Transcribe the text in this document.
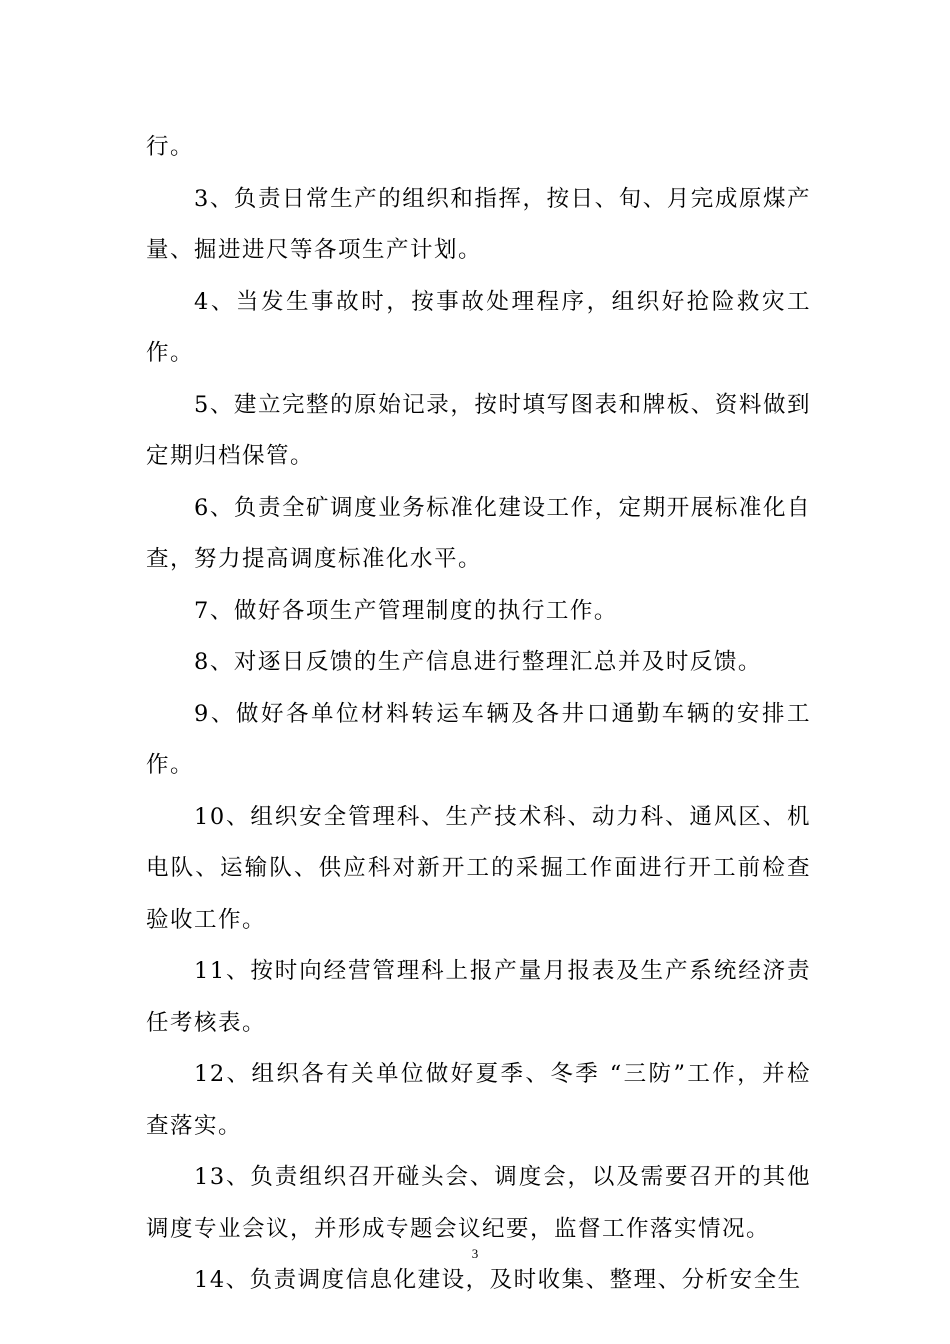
行。

3、负责日常生产的组织和指挥，按日、旬、月完成原煤产量、掘进进尺等各项生产计划。

4、当发生事故时，按事故处理程序，组织好抢险救灾工作。

5、建立完整的原始记录，按时填写图表和牌板、资料做到定期归档保管。

6、负责全矿调度业务标准化建设工作，定期开展标准化自查，努力提高调度标准化水平。

7、做好各项生产管理制度的执行工作。

8、对逐日反馈的生产信息进行整理汇总并及时反馈。

9、做好各单位材料转运车辆及各井口通勤车辆的安排工作。

10、组织安全管理科、生产技术科、动力科、通风区、机电队、运输队、供应科对新开工的采掘工作面进行开工前检查验收工作。

11、按时向经营管理科上报产量月报表及生产系统经济责任考核表。

12、组织各有关单位做好夏季、冬季 “三防”工作，并检查落实。

13、负责组织召开碰头会、调度会，以及需要召开的其他调度专业会议，并形成专题会议纪要，监督工作落实情况。

14、负责调度信息化建设，及时收集、整理、分析安全生

3
